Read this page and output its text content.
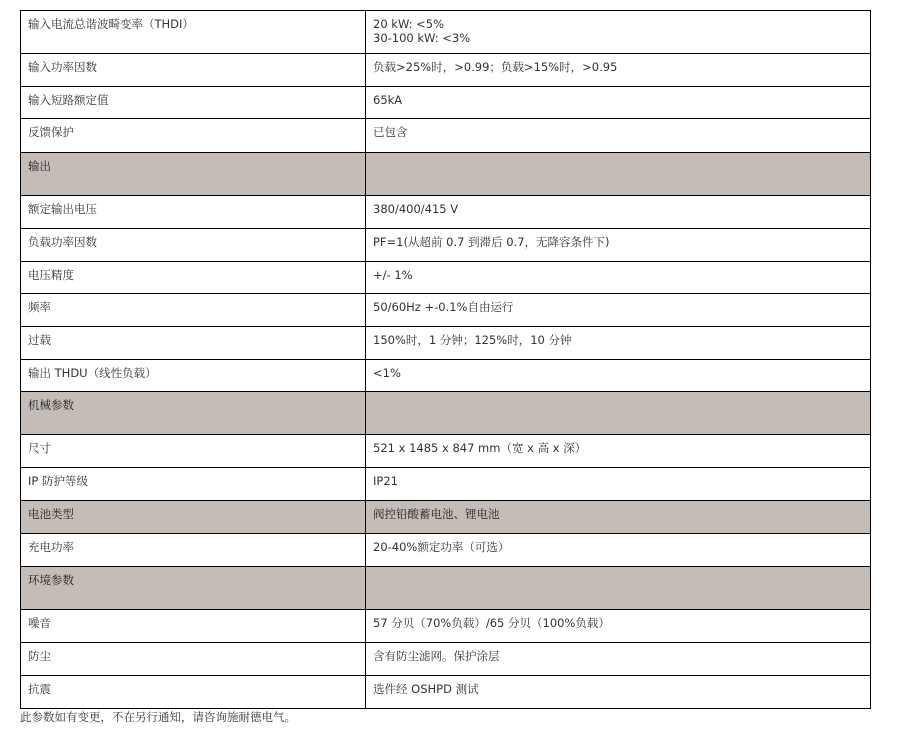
输入电流总谐波畸变率（THDI）	20 kW: <5%
30-100 kW: <3%

输入功率因数	负载>25%时，>0.99；负载>15%时，>0.95

输入短路额定值	65kA

反馈保护	已包含

输出	

额定输出电压	380/400/415 V

负载功率因数	PF=1(从超前 0.7 到滞后 0.7，无降容条件下)

电压精度	+/- 1%

频率	50/60Hz +-0.1%自由运行

过载	150%时，1 分钟；125%时，10 分钟

输出 THDU（线性负载）	<1%

机械参数	

尺寸	521 x 1485 x 847 mm（宽 x 高 x 深）

IP 防护等级	IP21

电池类型	阀控铅酸蓄电池、锂电池

充电功率	20-40%额定功率（可选）

环境参数	

噪音	57 分贝（70%负载）/65 分贝（100%负载）

防尘	含有防尘滤网。保护涂层

抗震	选件经 OSHPD 测试
此参数如有变更，不在另行通知，请咨询施耐德电气。
